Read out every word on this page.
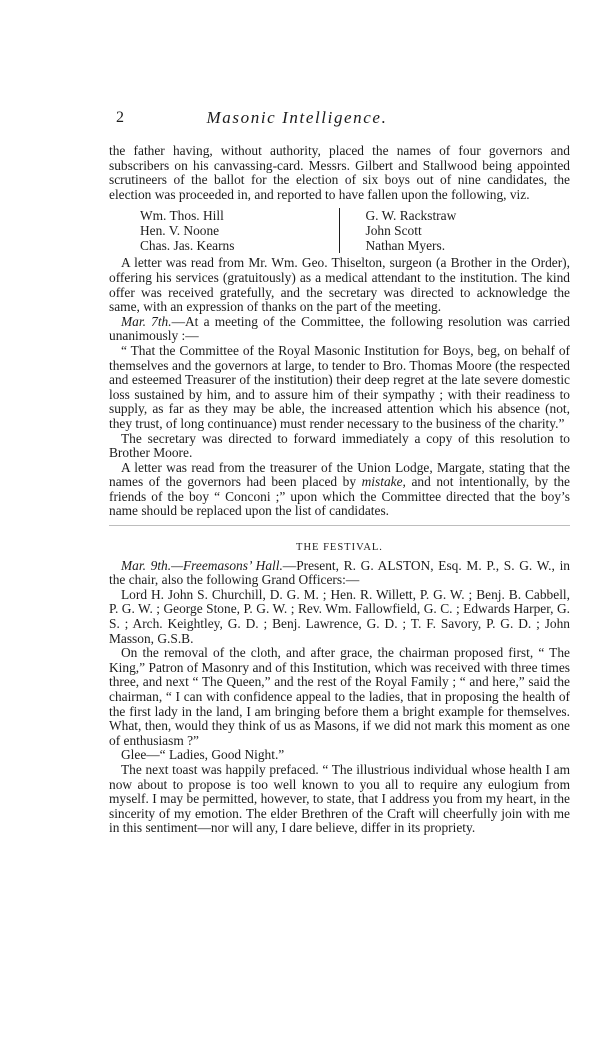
2	Masonic Intelligence.

the father having, without authority, placed the names of four governors and subscribers on his canvassing-card. Messrs. Gilbert and Stallwood being appointed scrutineers of the ballot for the election of six boys out of nine candidates, the election was proceeded in, and reported to have fallen upon the following, viz.

Wm. Thos. Hill
Hen. V. Noone
Chas. Jas. Kearns
G. W. Rackstraw
John Scott
Nathan Myers.

A letter was read from Mr. Wm. Geo. Thiselton, surgeon (a Brother in the Order), offering his services (gratuitously) as a medical attendant to the institution. The kind offer was received gratefully, and the secretary was directed to acknowledge the same, with an expression of thanks on the part of the meeting.

Mar. 7th.—At a meeting of the Committee, the following resolution was carried unanimously :—

“ That the Committee of the Royal Masonic Institution for Boys, beg, on behalf of themselves and the governors at large, to tender to Bro. Thomas Moore (the respected and esteemed Treasurer of the institution) their deep regret at the late severe domestic loss sustained by him, and to assure him of their sympathy ; with their readiness to supply, as far as they may be able, the increased attention which his absence (not, they trust, of long continuance) must render necessary to the business of the charity.”

The secretary was directed to forward immediately a copy of this resolution to Brother Moore.

A letter was read from the treasurer of the Union Lodge, Margate, stating that the names of the governors had been placed by mistake, and not intentionally, by the friends of the boy “ Conconi ;” upon which the Committee directed that the boy’s name should be replaced upon the list of candidates.

THE FESTIVAL.

Mar. 9th.—Freemasons’ Hall.—Present, R. G. ALSTON, Esq. M. P., S. G. W., in the chair, also the following Grand Officers:—

Lord H. John S. Churchill, D. G. M. ; Hen. R. Willett, P. G. W. ; Benj. B. Cabbell, P. G. W. ; George Stone, P. G. W. ; Rev. Wm. Fallowfield, G. C. ; Edwards Harper, G. S. ; Arch. Keightley, G. D. ; Benj. Lawrence, G. D. ; T. F. Savory, P. G. D. ; John Masson, G.S.B.

On the removal of the cloth, and after grace, the chairman proposed first, “ The King,” Patron of Masonry and of this Institution, which was received with three times three, and next “ The Queen,” and the rest of the Royal Family ; “ and here,” said the chairman, “ I can with confidence appeal to the ladies, that in proposing the health of the first lady in the land, I am bringing before them a bright example for themselves. What, then, would they think of us as Masons, if we did not mark this moment as one of enthusiasm ?”

Glee—“ Ladies, Good Night.”

The next toast was happily prefaced. “ The illustrious individual whose health I am now about to propose is too well known to you all to require any eulogium from myself. I may be permitted, however, to state, that I address you from my heart, in the sincerity of my emotion. The elder Brethren of the Craft will cheerfully join with me in this sentiment—nor will any, I dare believe, differ in its propriety.
